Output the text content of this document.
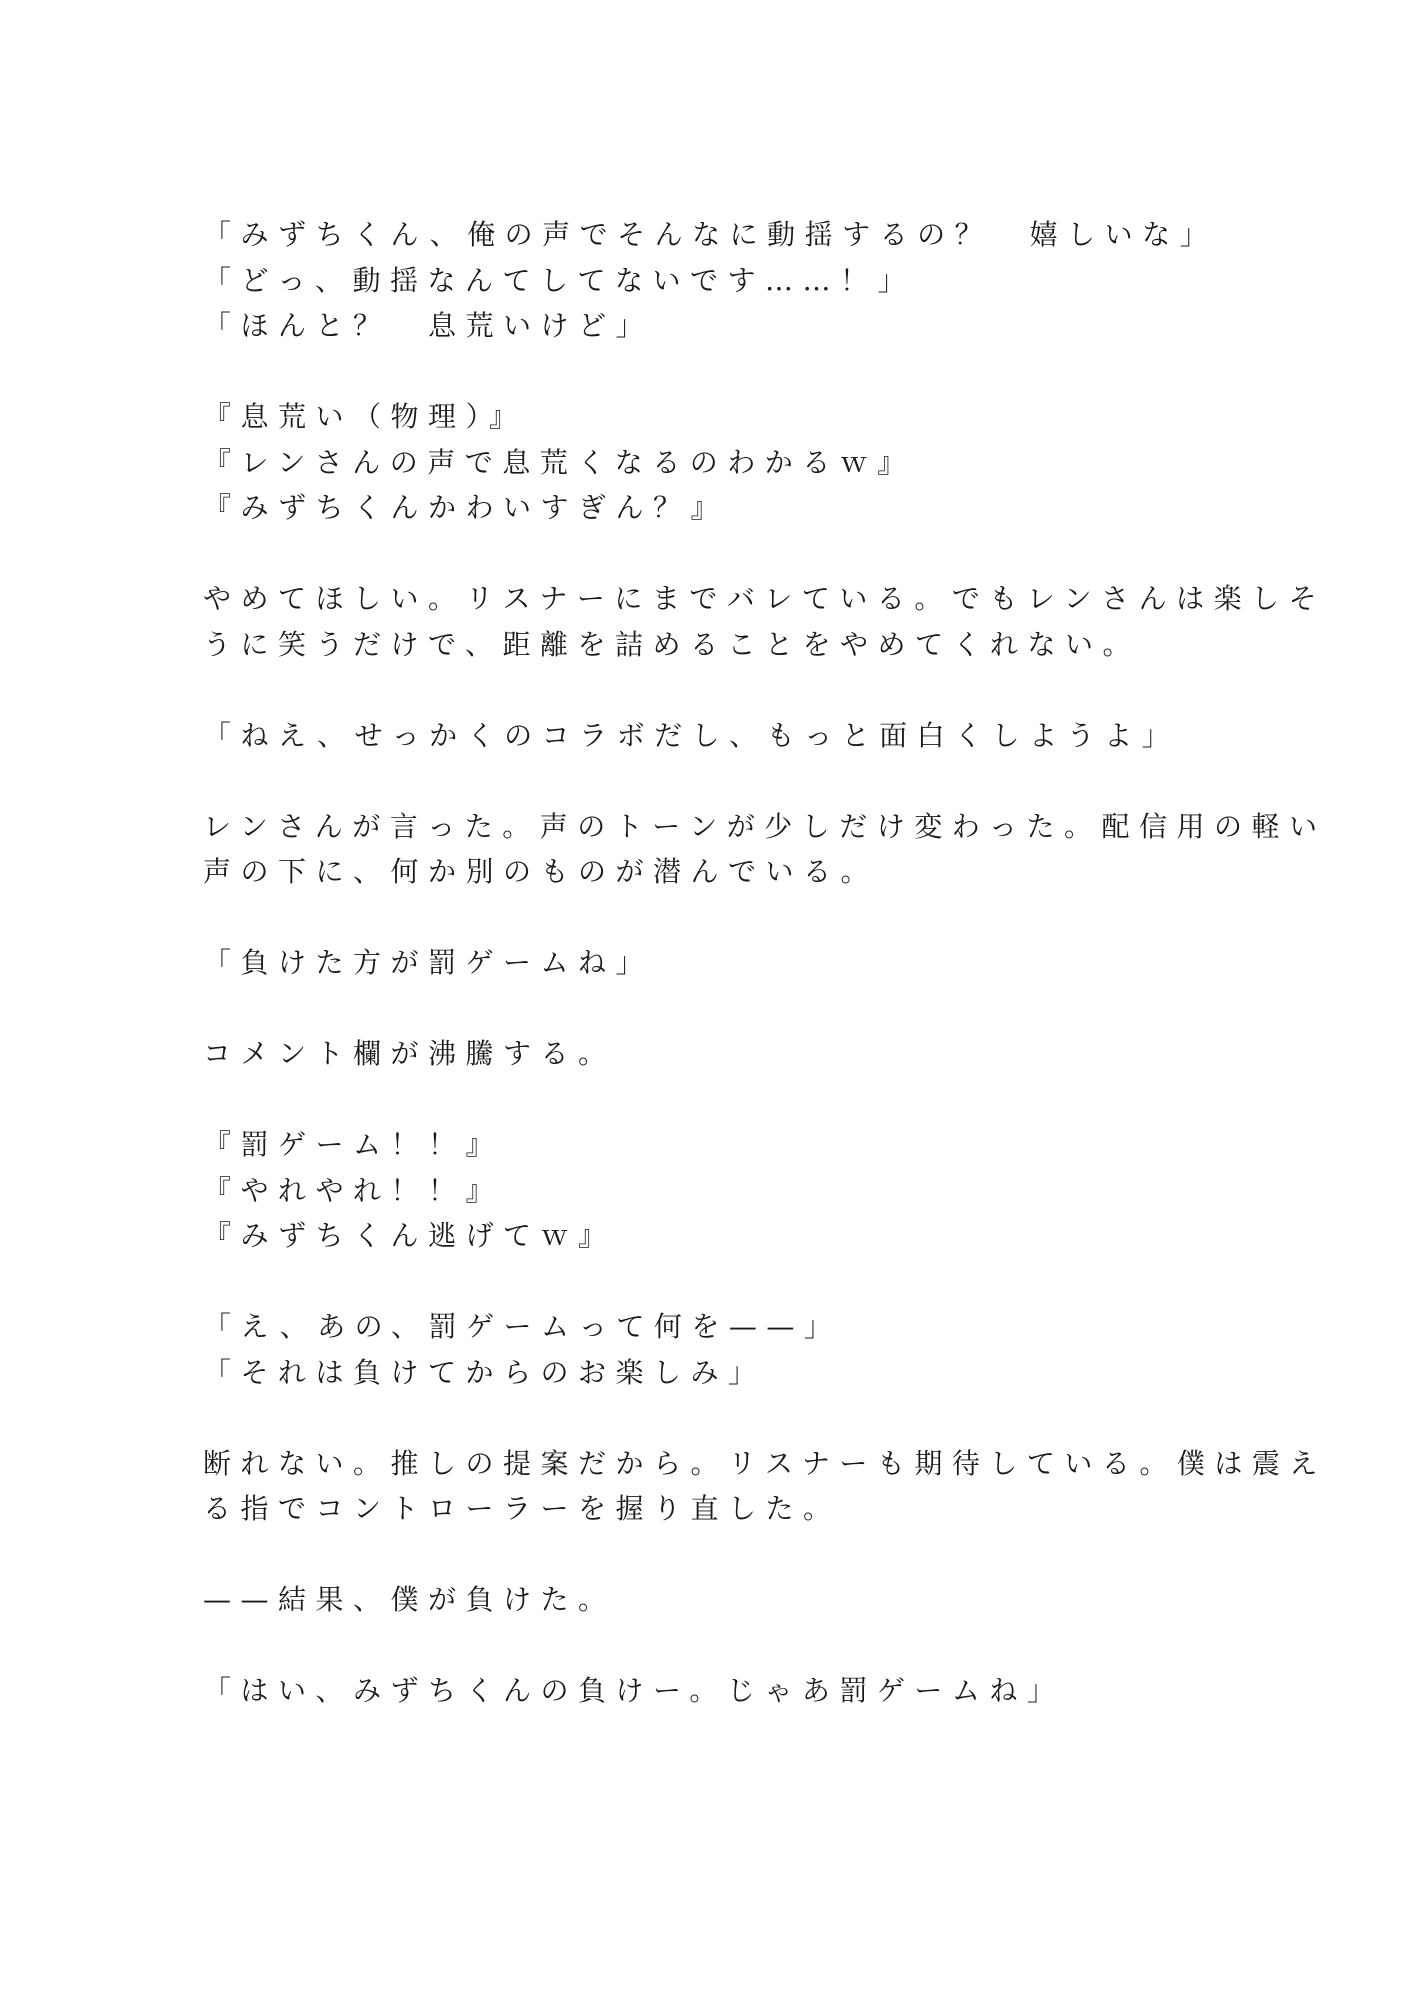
「みずちくん、俺の声でそんなに動揺するの？　嬉しいな」
「どっ、動揺なんてしてないです……！」
「ほんと？　息荒いけど」
『息荒い（物理）』
『レンさんの声で息荒くなるのわかるｗ』
『みずちくんかわいすぎん？』
やめてほしい。リスナーにまでバレている。でもレンさんは楽しそ
うに笑うだけで、距離を詰めることをやめてくれない。
「ねえ、せっかくのコラボだし、もっと面白くしようよ」
レンさんが言った。声のトーンが少しだけ変わった。配信用の軽い
声の下に、何か別のものが潜んでいる。
「負けた方が罰ゲームね」
コメント欄が沸騰する。
『罰ゲーム！！』
『やれやれ！！』
『みずちくん逃げてｗ』
「え、あの、罰ゲームって何を——」
「それは負けてからのお楽しみ」
断れない。推しの提案だから。リスナーも期待している。僕は震え
る指でコントローラーを握り直した。
——結果、僕が負けた。
「はい、みずちくんの負けー。じゃあ罰ゲームね」
